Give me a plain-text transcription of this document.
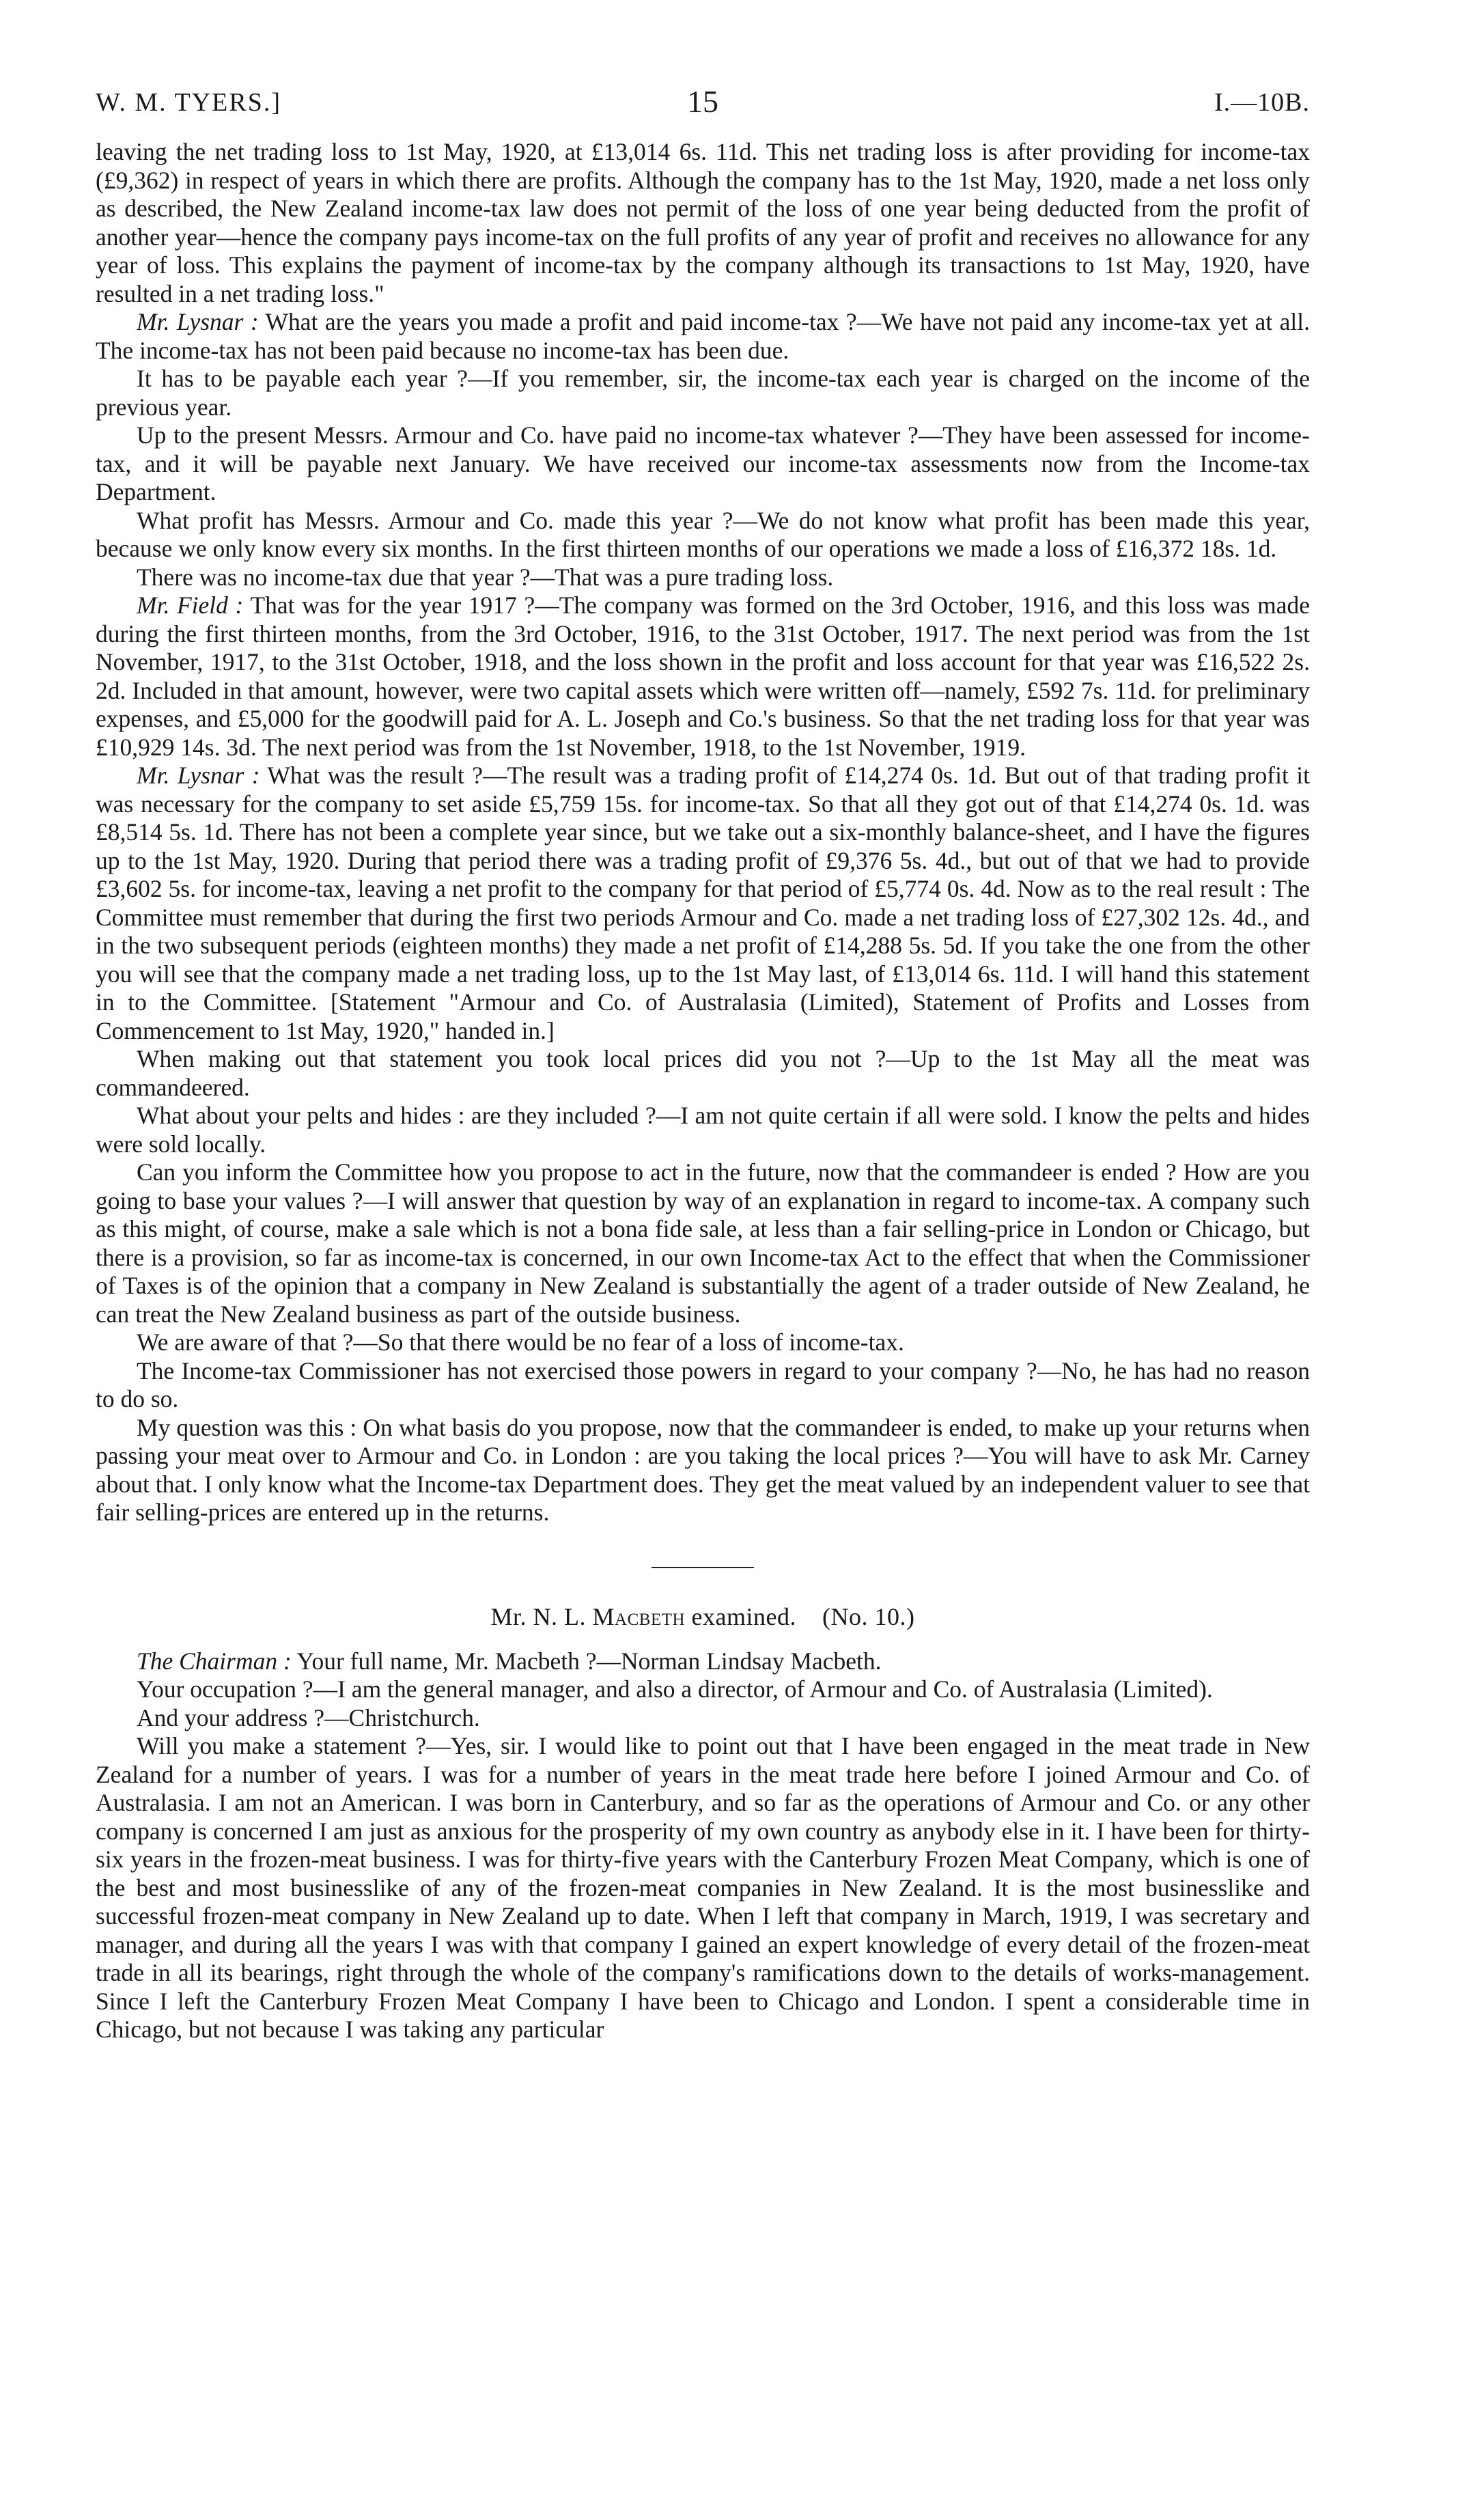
W. M. TYERS.]	15	I.—10B.

leaving the net trading loss to 1st May, 1920, at £13,014 6s. 11d. This net trading loss is after providing for income-tax (£9,362) in respect of years in which there are profits. Although the company has to the 1st May, 1920, made a net loss only as described, the New Zealand income-tax law does not permit of the loss of one year being deducted from the profit of another year—hence the company pays income-tax on the full profits of any year of profit and receives no allowance for any year of loss. This explains the payment of income-tax by the company although its transactions to 1st May, 1920, have resulted in a net trading loss."

Mr. Lysnar : What are the years you made a profit and paid income-tax ?—We have not paid any income-tax yet at all. The income-tax has not been paid because no income-tax has been due.

It has to be payable each year ?—If you remember, sir, the income-tax each year is charged on the income of the previous year.

Up to the present Messrs. Armour and Co. have paid no income-tax whatever ?—They have been assessed for income-tax, and it will be payable next January. We have received our income-tax assessments now from the Income-tax Department.

What profit has Messrs. Armour and Co. made this year ?—We do not know what profit has been made this year, because we only know every six months. In the first thirteen months of our operations we made a loss of £16,372 18s. 1d.

There was no income-tax due that year ?—That was a pure trading loss.

Mr. Field : That was for the year 1917 ?—The company was formed on the 3rd October, 1916, and this loss was made during the first thirteen months, from the 3rd October, 1916, to the 31st October, 1917. The next period was from the 1st November, 1917, to the 31st October, 1918, and the loss shown in the profit and loss account for that year was £16,522 2s. 2d. Included in that amount, however, were two capital assets which were written off—namely, £592 7s. 11d. for preliminary expenses, and £5,000 for the goodwill paid for A. L. Joseph and Co.'s business. So that the net trading loss for that year was £10,929 14s. 3d. The next period was from the 1st November, 1918, to the 1st November, 1919.

Mr. Lysnar : What was the result ?—The result was a trading profit of £14,274 0s. 1d. But out of that trading profit it was necessary for the company to set aside £5,759 15s. for income-tax. So that all they got out of that £14,274 0s. 1d. was £8,514 5s. 1d. There has not been a complete year since, but we take out a six-monthly balance-sheet, and I have the figures up to the 1st May, 1920. During that period there was a trading profit of £9,376 5s. 4d., but out of that we had to provide £3,602 5s. for income-tax, leaving a net profit to the company for that period of £5,774 0s. 4d. Now as to the real result : The Committee must remember that during the first two periods Armour and Co. made a net trading loss of £27,302 12s. 4d., and in the two subsequent periods (eighteen months) they made a net profit of £14,288 5s. 5d. If you take the one from the other you will see that the company made a net trading loss, up to the 1st May last, of £13,014 6s. 11d. I will hand this statement in to the Committee. [Statement "Armour and Co. of Australasia (Limited), Statement of Profits and Losses from Commencement to 1st May, 1920," handed in.]

When making out that statement you took local prices did you not ?—Up to the 1st May all the meat was commandeered.

What about your pelts and hides : are they included ?—I am not quite certain if all were sold. I know the pelts and hides were sold locally.

Can you inform the Committee how you propose to act in the future, now that the commandeer is ended ? How are you going to base your values ?—I will answer that question by way of an explanation in regard to income-tax. A company such as this might, of course, make a sale which is not a bona fide sale, at less than a fair selling-price in London or Chicago, but there is a provision, so far as income-tax is concerned, in our own Income-tax Act to the effect that when the Commissioner of Taxes is of the opinion that a company in New Zealand is substantially the agent of a trader outside of New Zealand, he can treat the New Zealand business as part of the outside business.

We are aware of that ?—So that there would be no fear of a loss of income-tax.

The Income-tax Commissioner has not exercised those powers in regard to your company ?—No, he has had no reason to do so.

My question was this : On what basis do you propose, now that the commandeer is ended, to make up your returns when passing your meat over to Armour and Co. in London : are you taking the local prices ?—You will have to ask Mr. Carney about that. I only know what the Income-tax Department does. They get the meat valued by an independent valuer to see that fair selling-prices are entered up in the returns.

Mr. N. L. Macbeth examined.    (No. 10.)

The Chairman : Your full name, Mr. Macbeth ?—Norman Lindsay Macbeth.

Your occupation ?—I am the general manager, and also a director, of Armour and Co. of Australasia (Limited).

And your address ?—Christchurch.

Will you make a statement ?—Yes, sir. I would like to point out that I have been engaged in the meat trade in New Zealand for a number of years. I was for a number of years in the meat trade here before I joined Armour and Co. of Australasia. I am not an American. I was born in Canterbury, and so far as the operations of Armour and Co. or any other company is concerned I am just as anxious for the prosperity of my own country as anybody else in it. I have been for thirty-six years in the frozen-meat business. I was for thirty-five years with the Canterbury Frozen Meat Company, which is one of the best and most businesslike of any of the frozen-meat companies in New Zealand. It is the most businesslike and successful frozen-meat company in New Zealand up to date. When I left that company in March, 1919, I was secretary and manager, and during all the years I was with that company I gained an expert knowledge of every detail of the frozen-meat trade in all its bearings, right through the whole of the company's ramifications down to the details of works-management. Since I left the Canterbury Frozen Meat Company I have been to Chicago and London. I spent a considerable time in Chicago, but not because I was taking any particular
